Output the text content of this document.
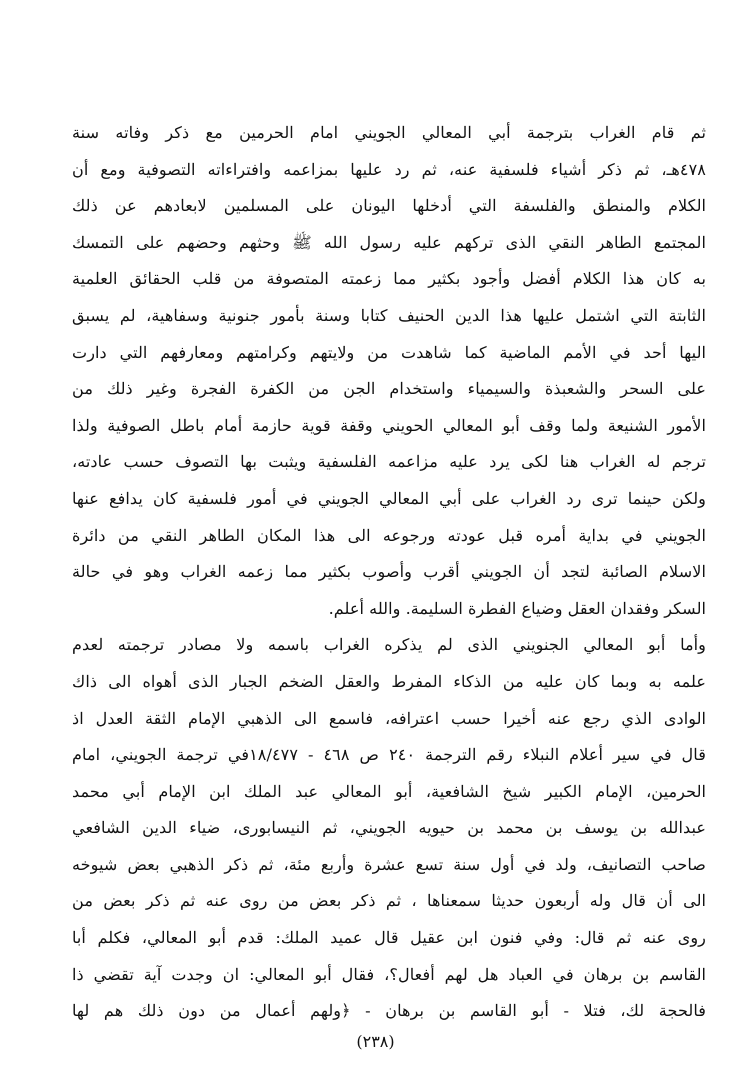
ثم قام الغراب بترجمة أبي المعالي الجويني امام الحرمين مع ذكر وفاته سنة
٤٧٨هـ، ثم ذكر أشياء فلسفية عنه، ثم رد عليها بمزاعمه وافتراءاته التصوفية ومع أن
الكلام والمنطق والفلسفة التي أدخلها اليونان على المسلمين لابعادهم عن ذلك
المجتمع الطاهر النقي الذى تركهم عليه رسول الله ﷺ وحثهم وحضهم على التمسك
به كان هذا الكلام أفضل وأجود بكثير مما زعمته المتصوفة من قلب الحقائق العلمية
الثابتة التي اشتمل عليها هذا الدين الحنيف كتابا وسنة بأمور جنونية وسفاهية، لم يسبق
اليها أحد في الأمم الماضية كما شاهدت من ولايتهم وكرامتهم ومعارفهم التي دارت
على السحر والشعبذة والسيمياء واستخدام الجن من الكفرة الفجرة وغير ذلك من
الأمور الشنيعة ولما وقف أبو المعالي الحويني وقفة قوية حازمة أمام باطل الصوفية ولذا
ترجم له الغراب هنا لكى يرد عليه مزاعمه الفلسفية ويثبت بها التصوف حسب عادته،
ولكن حينما ترى رد الغراب على أبي المعالي الجويني في أمور فلسفية كان يدافع عنها
الجويني في بداية أمره قبل عودته ورجوعه الى هذا المكان الطاهر النقي من دائرة
الاسلام الصائبة لتجد أن الجويني أقرب وأصوب بكثير مما زعمه الغراب وهو في حالة
السكر وفقدان العقل وضياع الفطرة السليمة. والله أعلم.
وأما أبو المعالي الجنويني الذى لم يذكره الغراب باسمه ولا مصادر ترجمته لعدم
علمه به وبما كان عليه من الذكاء المفرط والعقل الضخم الجبار الذى أهواه الى ذاك
الوادى الذي رجع عنه أخيرا حسب اعترافه، فاسمع الى الذهبي الإمام الثقة العدل اذ
قال في سير أعلام النبلاء رقم الترجمة ٢٤٠ ص ٤٦٨ - ١٨/٤٧٧في ترجمة الجويني، امام
الحرمين، الإمام الكبير شيخ الشافعية، أبو المعالي عبد الملك ابن الإمام أبي محمد
عبدالله بن يوسف بن محمد بن حيويه الجويني، ثم النيسابورى، ضياء الدين الشافعي
صاحب التصانيف، ولد في أول سنة تسع عشرة وأربع مئة، ثم ذكر الذهبي بعض شيوخه
الى أن قال وله أربعون حديثا سمعناها ، ثم ذكر بعض من روى عنه ثم ذكر بعض من
روى عنه ثم قال: وفي فنون ابن عقيل قال عميد الملك: قدم أبو المعالي، فكلم أبا
القاسم بن برهان في العباد هل لهم أفعال؟، فقال أبو المعالي: ان وجدت آية تقضي ذا
فالحجة لك، فتلا - أبو القاسم بن برهان - ﴿ولهم أعمال من دون ذلك هم لها
(٢٣٨)
